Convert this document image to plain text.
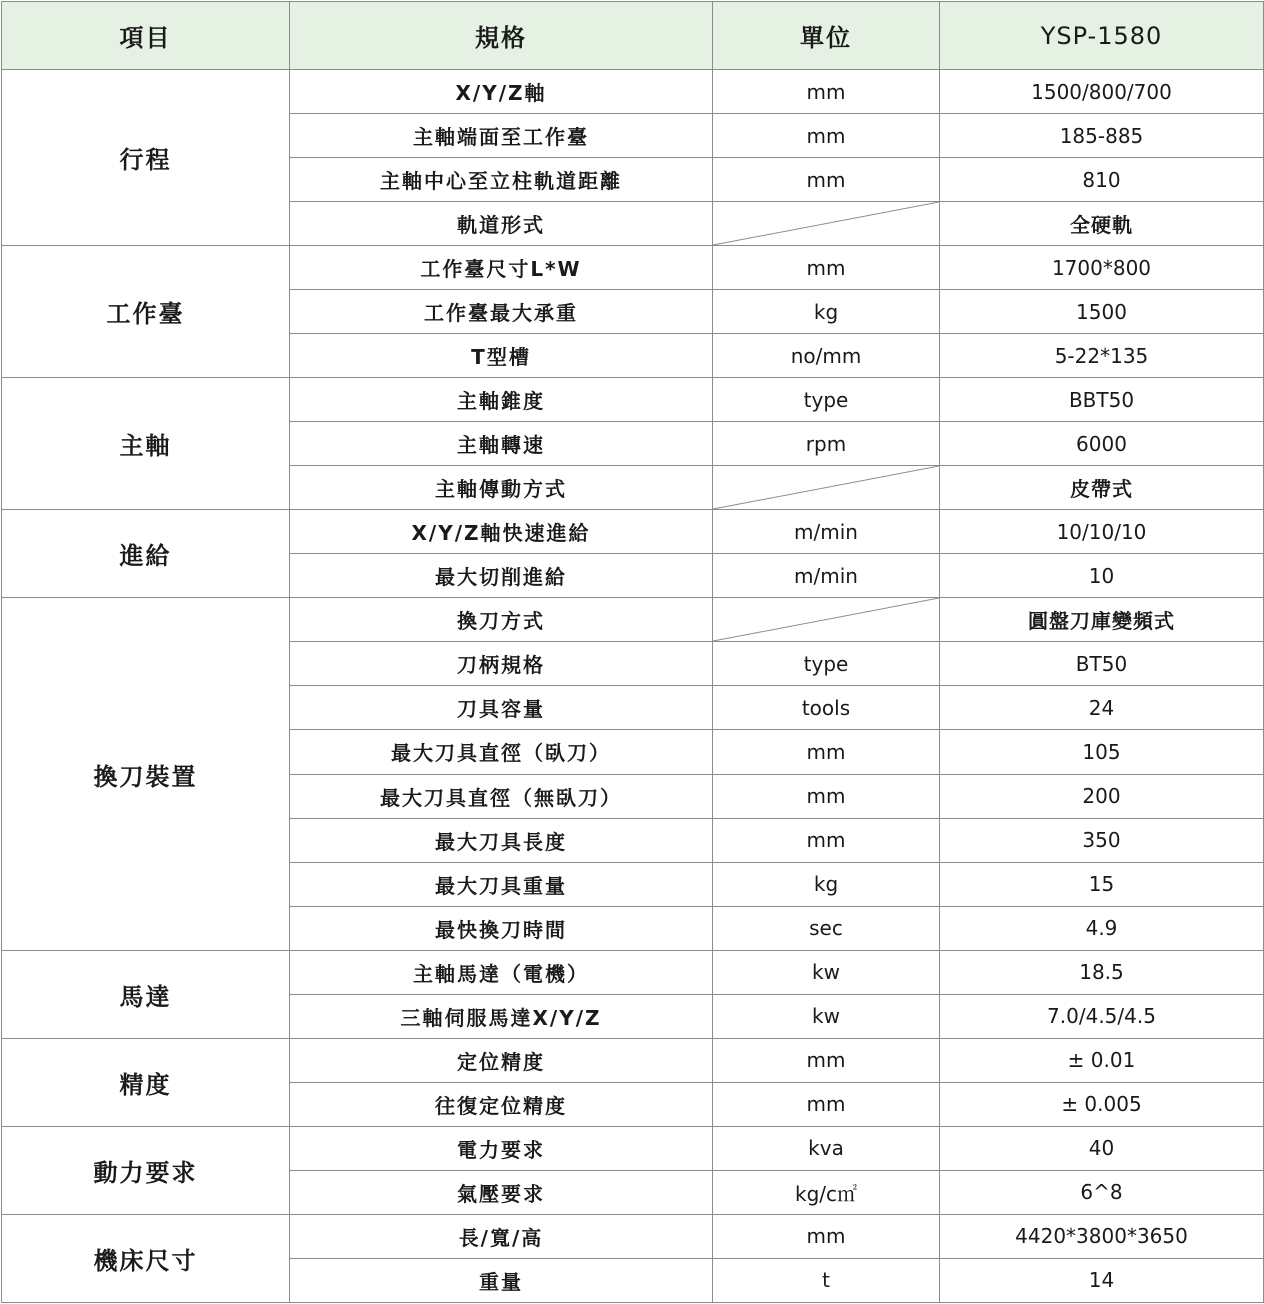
項目	規格	單位	YSP-1580
行程	X/Y/Z軸	mm	1500/800/700
	主軸端面至工作臺	mm	185-885
	主軸中心至立柱軌道距離	mm	810
	軌道形式		全硬軌
工作臺	工作臺尺寸L*W	mm	1700*800
	工作臺最大承重	kg	1500
	T型槽	no/mm	5-22*135
主軸	主軸錐度	type	BBT50
	主軸轉速	rpm	6000
	主軸傳動方式		皮帶式
進給	X/Y/Z軸快速進給	m/min	10/10/10
	最大切削進給	m/min	10
換刀裝置	換刀方式		圓盤刀庫變頻式
	刀柄規格	type	BT50
	刀具容量	tools	24
	最大刀具直徑（臥刀）	mm	105
	最大刀具直徑（無臥刀）	mm	200
	最大刀具長度	mm	350
	最大刀具重量	kg	15
	最快換刀時間	sec	4.9
馬達	主軸馬達（電機）	kw	18.5
	三軸伺服馬達X/Y/Z	kw	7.0/4.5/4.5
精度	定位精度	mm	± 0.01
	往復定位精度	mm	± 0.005
動力要求	電力要求	kva	40
	氣壓要求	kg/c㎡	6^8
機床尺寸	長/寬/高	mm	4420*3800*3650
	重量	t	14
